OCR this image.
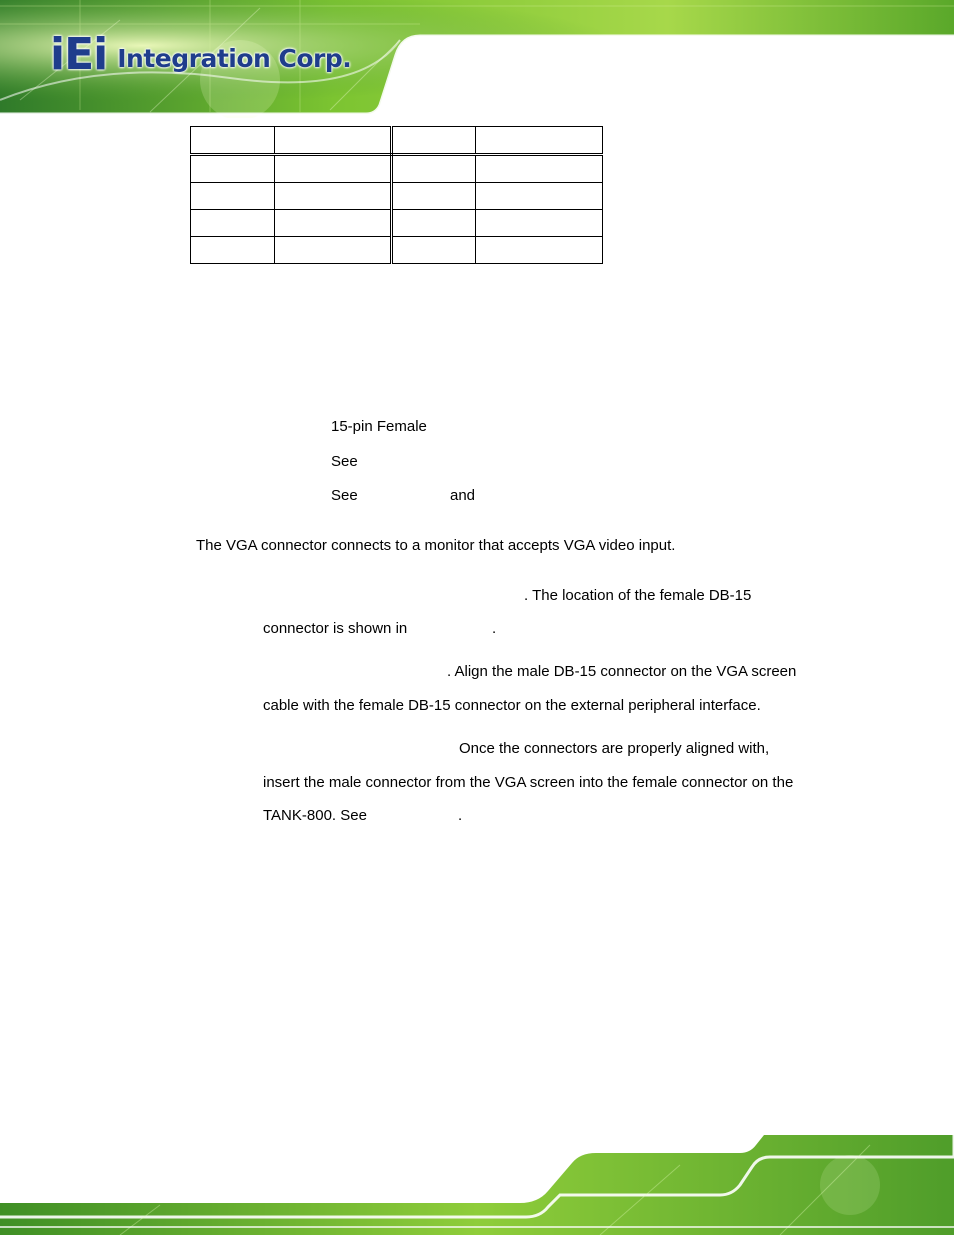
iEi Integration Corp.

15-pin Female
See
See	and
The VGA connector connects to a monitor that accepts VGA video input.
. The location of the female DB-15
connector is shown in	.
. Align the male DB-15 connector on the VGA screen
cable with the female DB-15 connector on the external peripheral interface.
Once the connectors are properly aligned with,
insert the male connector from the VGA screen into the female connector on the
TANK-800. See	.
